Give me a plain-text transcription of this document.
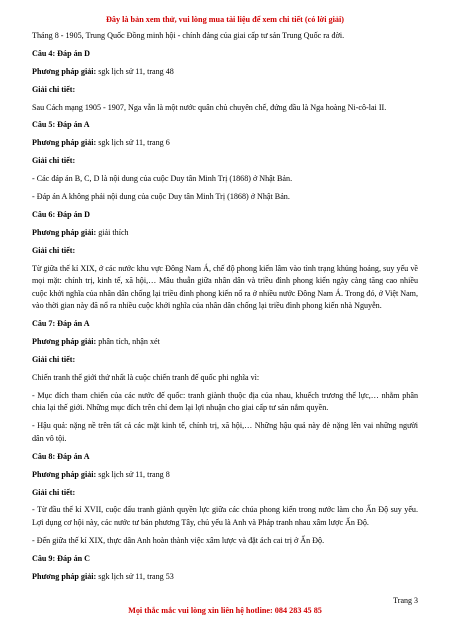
Đây là bản xem thử, vui lòng mua tài liệu để xem chi tiết (có lời giải)

Tháng 8 - 1905, Trung Quốc Đồng minh hội - chính đảng của giai cấp tư sản Trung Quốc ra đời.

Câu 4: Đáp án D

Phương pháp giải: sgk lịch sử 11, trang 48

Giải chi tiết:

Sau Cách mạng 1905 - 1907, Nga vẫn là một nước quân chủ chuyên chế, đứng đầu là Nga hoàng Ni-cô-lai II.

Câu 5: Đáp án A

Phương pháp giải: sgk lịch sử 11, trang 6

Giải chi tiết:

- Các đáp án B, C, D là nội dung của cuộc Duy tân Minh Trị (1868) ở Nhật Bản.

- Đáp án A không phải nội dung của cuộc Duy tân Minh Trị (1868) ở Nhật Bản.

Câu 6: Đáp án D

Phương pháp giải: giải thích

Giải chi tiết:

Từ giữa thế kỉ XIX, ở các nước khu vực Đông Nam Á, chế độ phong kiến lâm vào tình trạng khủng hoảng, suy yếu về mọi mặt: chính trị, kinh tế, xã hội,… Mâu thuẫn giữa nhân dân và triều đình phong kiến ngày càng tăng cao nhiều cuộc khởi nghĩa của nhân dân chống lại triều đình phong kiến nổ ra ở nhiều nước Đông Nam Á. Trong đó, ở Việt Nam, vào thời gian này đã nổ ra nhiều cuộc khởi nghĩa của nhân dân chống lại triều đình phong kiến nhà Nguyễn.

Câu 7: Đáp án A

Phương pháp giải: phân tích, nhận xét

Giải chi tiết:

Chiến tranh thế giới thứ nhất là cuộc chiến tranh đế quốc phi nghĩa vì:

- Mục đích tham chiến của các nước đế quốc: tranh giành thuộc địa của nhau, khuếch trương thế lực,… nhằm phân chia lại thế giới. Những mục đích trên chỉ đem lại lợi nhuận cho giai cấp tư sản nắm quyền.

- Hậu quả: nặng nề trên tất cả các mặt kinh tế, chính trị, xã hội,… Những hậu quả này đè nặng lên vai những người dân vô tội.

Câu 8: Đáp án A

Phương pháp giải: sgk lịch sử 11, trang 8

Giải chi tiết:

- Từ đầu thế kỉ XVII, cuộc đấu tranh giành quyền lực giữa các chúa phong kiến trong nước làm cho Ấn Độ suy yếu. Lợi dụng cơ hội này, các nước tư bản phương Tây, chủ yếu là Anh và Pháp tranh nhau xâm lược Ấn Độ.

- Đến giữa thế kỉ XIX, thực dân Anh hoàn thành việc xâm lược và đặt ách cai trị ở Ấn Độ.

Câu 9: Đáp án C

Phương pháp giải: sgk lịch sử 11, trang 53

Trang 3
Mọi thắc mắc vui lòng xin liên hệ hotline: 084 283 45 85
